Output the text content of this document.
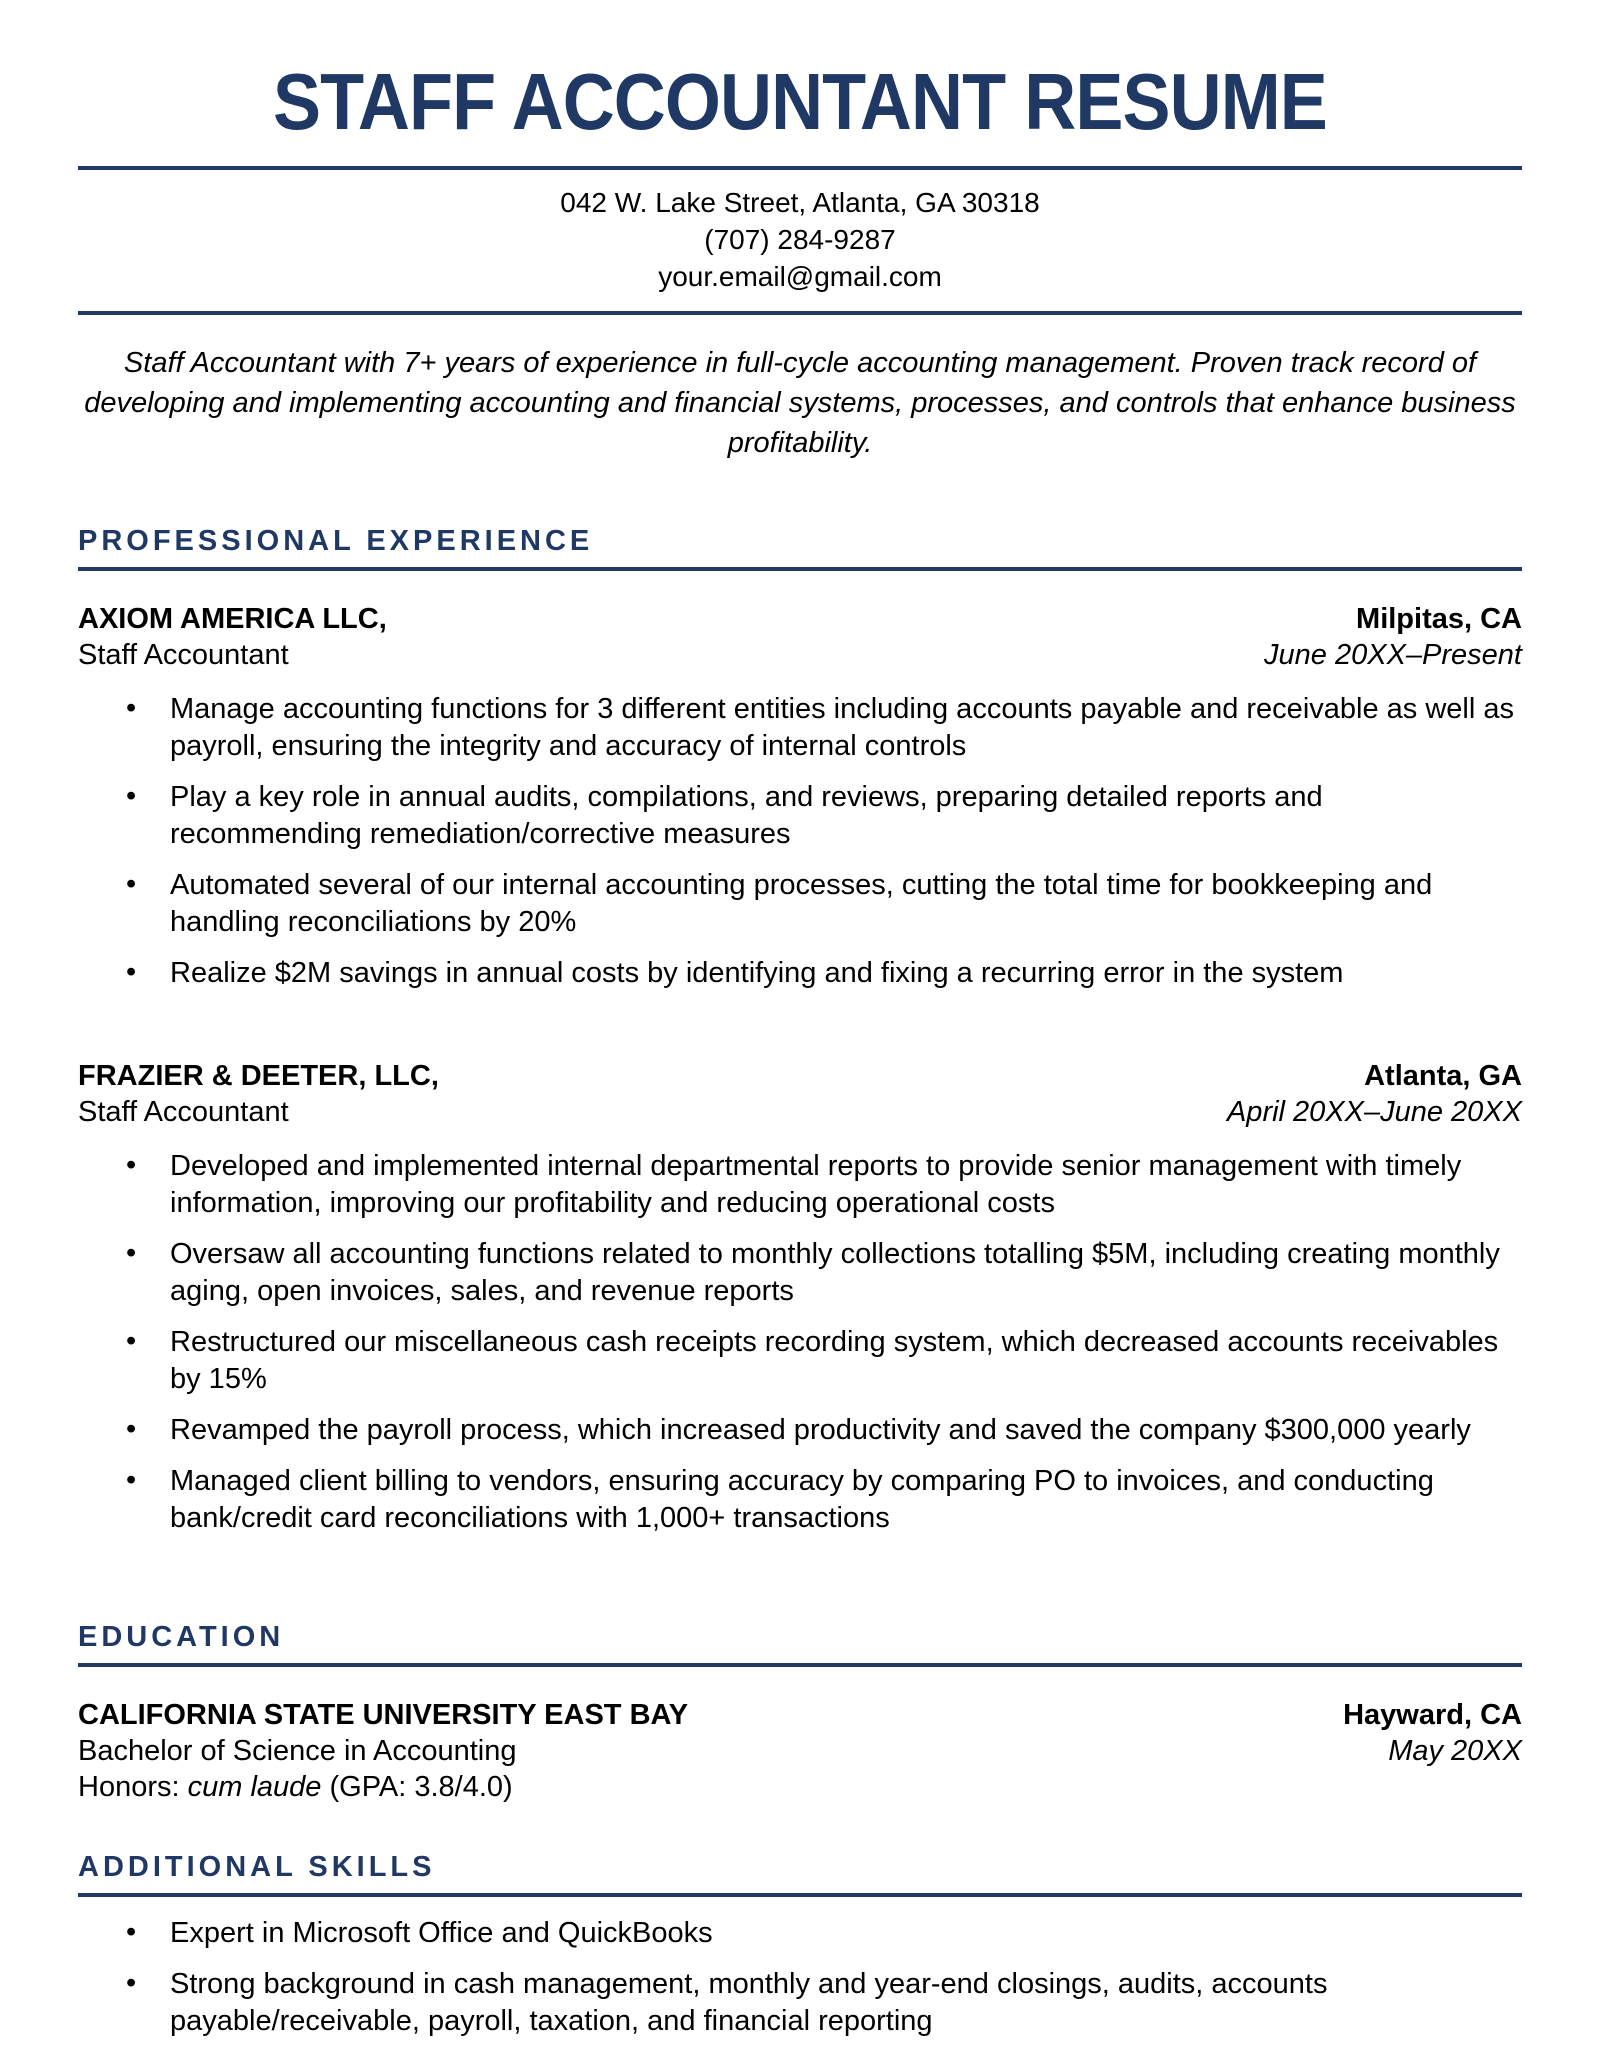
STAFF ACCOUNTANT RESUME
042 W. Lake Street, Atlanta, GA 30318
(707) 284-9287
your.email@gmail.com
Staff Accountant with 7+ years of experience in full-cycle accounting management. Proven track record of developing and implementing accounting and financial systems, processes, and controls that enhance business profitability.
PROFESSIONAL EXPERIENCE
AXIOM AMERICA LLC,	Milpitas, CA
Staff Accountant	June 20XX–Present
• Manage accounting functions for 3 different entities including accounts payable and receivable as well as payroll, ensuring the integrity and accuracy of internal controls
• Play a key role in annual audits, compilations, and reviews, preparing detailed reports and recommending remediation/corrective measures
• Automated several of our internal accounting processes, cutting the total time for bookkeeping and handling reconciliations by 20%
• Realize $2M savings in annual costs by identifying and fixing a recurring error in the system
FRAZIER & DEETER, LLC,	Atlanta, GA
Staff Accountant	April 20XX–June 20XX
• Developed and implemented internal departmental reports to provide senior management with timely information, improving our profitability and reducing operational costs
• Oversaw all accounting functions related to monthly collections totalling $5M, including creating monthly aging, open invoices, sales, and revenue reports
• Restructured our miscellaneous cash receipts recording system, which decreased accounts receivables by 15%
• Revamped the payroll process, which increased productivity and saved the company $300,000 yearly
• Managed client billing to vendors, ensuring accuracy by comparing PO to invoices, and conducting bank/credit card reconciliations with 1,000+ transactions
EDUCATION
CALIFORNIA STATE UNIVERSITY EAST BAY	Hayward, CA
Bachelor of Science in Accounting	May 20XX
Honors: cum laude (GPA: 3.8/4.0)
ADDITIONAL SKILLS
• Expert in Microsoft Office and QuickBooks
• Strong background in cash management, monthly and year-end closings, audits, accounts payable/receivable, payroll, taxation, and financial reporting
